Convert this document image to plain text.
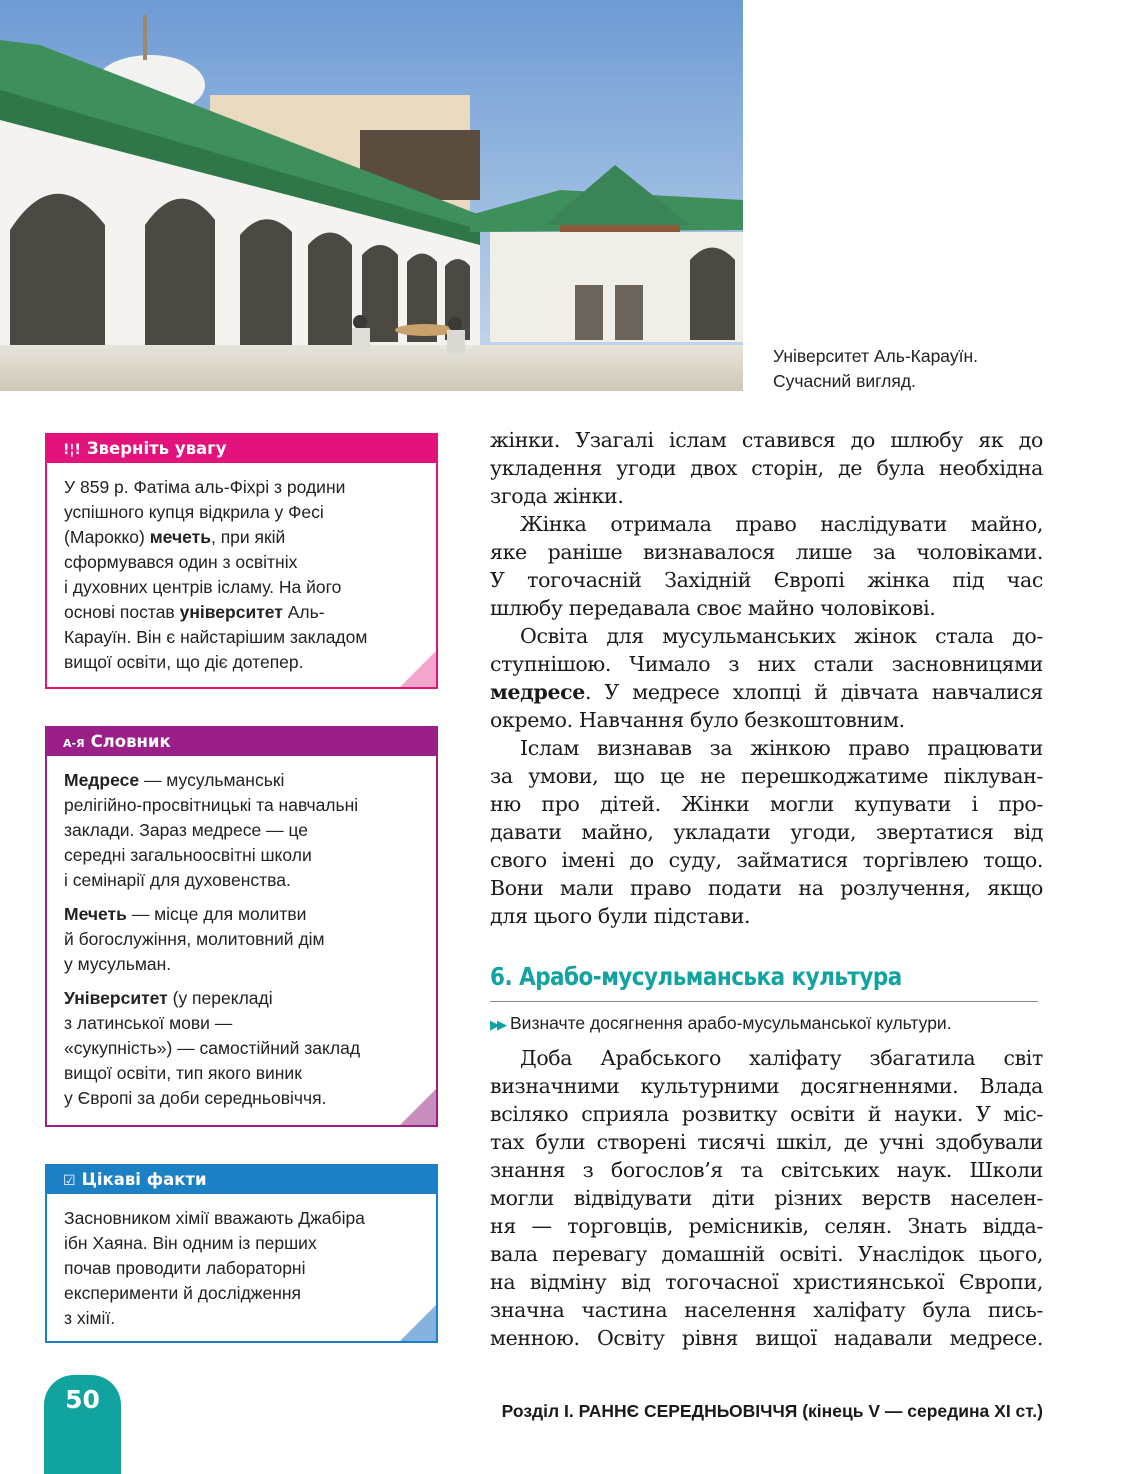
Університет Аль-Карауїн.
Сучасний вигляд.
!¦! Зверніть увагу
У 859 р. Фатіма аль-Фіхрі з родини
успішного купця відкрила у Фесі
(Марокко) мечеть, при якій
сформувався один з освітніх
і духовних центрів ісламу. На його
основі постав університет Аль-
Карауїн. Він є найстарішим закладом
вищої освіти, що діє дотепер.
А-Я Словник

Медресе — мусульманські
релігійно-просвітницькі та навчальні
заклади. Зараз медресе — це
середні загальноосвітні школи
і семінарії для духовенства.

Мечеть — місце для молитви
й богослужіння, молитовний дім
у мусульман.

Університет (у перекладі
з латинської мови —
«сукупність») — самостійний заклад
вищої освіти, тип якого виник
у Європі за доби середньовіччя.

☑ Цікаві факти
Засновником хімії вважають Джабіра
ібн Хаяна. Він одним із перших
почав проводити лабораторні
експерименти й дослідження
з хімії.
жінки. Узагалі іслам ставився до шлюбу як до
укладення угоди двох сторін, де була необхідна
згода жінки.
Жінка отримала право наслідувати майно,
яке раніше визнавалося лише за чоловіками.
У тогочасній Західній Європі жінка під час
шлюбу передавала своє майно чоловікові.
Освіта для мусульманських жінок стала до-
ступнішою. Чимало з них стали засновницями
медресе. У медресе хлопці й дівчата навчалися
окремо. Навчання було безкоштовним.
Іслам визнавав за жінкою право працювати
за умови, що це не перешкоджатиме піклуван-
ню про дітей. Жінки могли купувати і про-
давати майно, укладати угоди, звертатися від
свого імені до суду, займатися торгівлею тощо.
Вони мали право подати на розлучення, якщо
для цього були підстави.
6. Арабо-мусульманська культура
▶▶ Визначте досягнення арабо-мусульманської культури.
Доба Арабського халіфату збагатила світ
визначними культурними досягненнями. Влада
всіляко сприяла розвитку освіти й науки. У міс-
тах були створені тисячі шкіл, де учні здобували
знання з богослов’я та світських наук. Школи
могли відвідувати діти різних верств населен-
ня — торговців, ремісників, селян. Знать відда-
вала перевагу домашній освіті. Унаслідок цього,
на відміну від тогочасної християнської Європи,
значна частина населення халіфату була пись-
менною. Освіту рівня вищої надавали медресе.
50	Розділ І. РАННЄ СЕРЕДНЬОВІЧЧЯ (кінець V — середина ХІ ст.)
